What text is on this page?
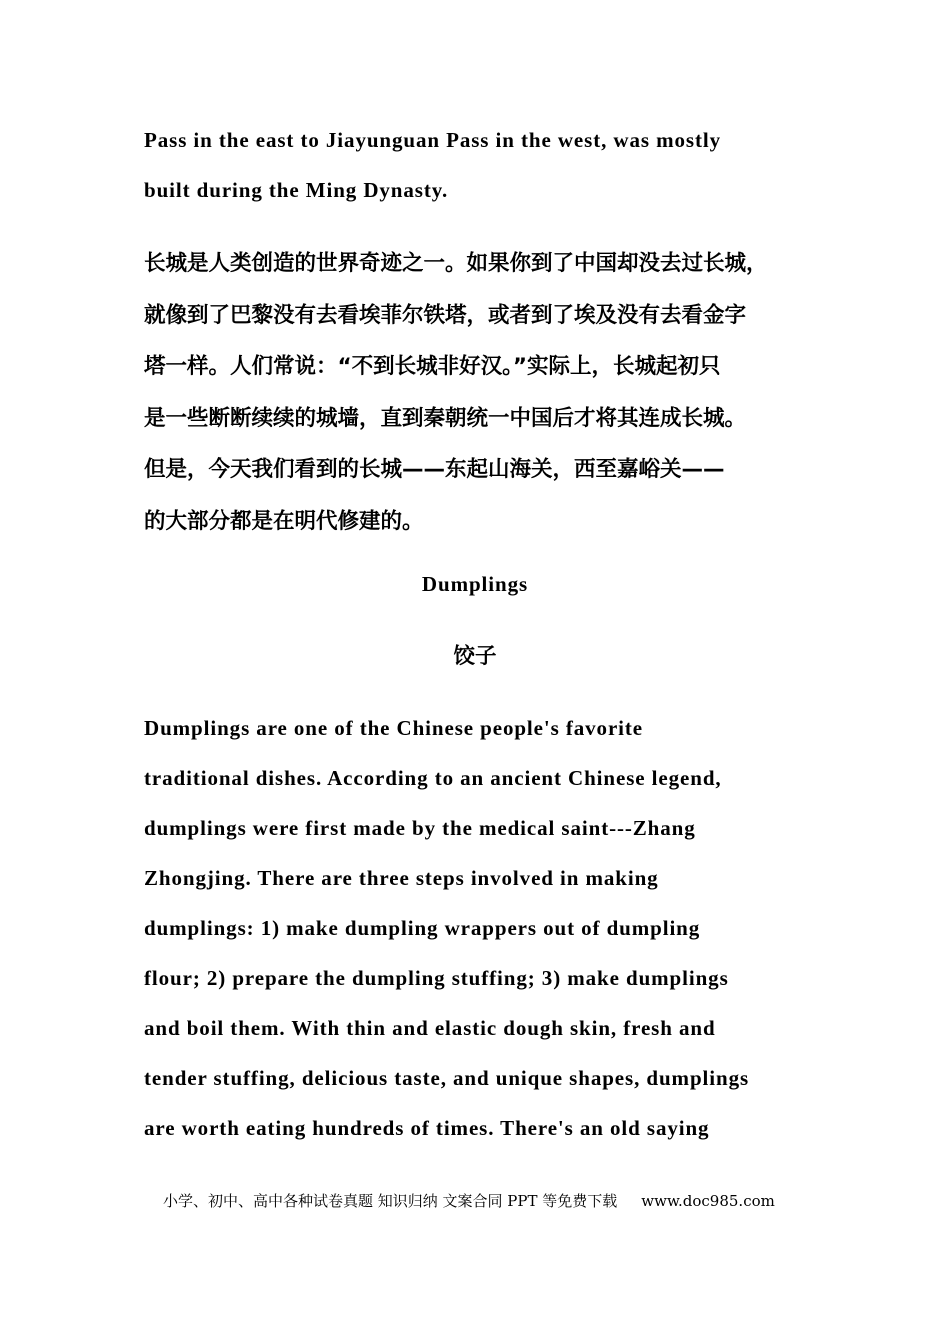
Pass in the east to Jiayunguan Pass in the west, was mostly
built during the Ming Dynasty.

长城是人类创造的世界奇迹之一。如果你到了中国却没去过长城，
就像到了巴黎没有去看埃菲尔铁塔，或者到了埃及没有去看金字
塔一样。人们常说：“不到长城非好汉。”实际上，长城起初只
是一些断断续续的城墙，直到秦朝统一中国后才将其连成长城。
但是，今天我们看到的长城——东起山海关，西至嘉峪关——
的大部分都是在明代修建的。

Dumplings
饺子

Dumplings are one of the Chinese people's favorite
traditional dishes. According to an ancient Chinese legend,
dumplings were first made by the medical saint---Zhang
Zhongjing. There are three steps involved in making
dumplings: 1) make dumpling wrappers out of dumpling
flour; 2) prepare the dumpling stuffing; 3) make dumplings
and boil them. With thin and elastic dough skin, fresh and
tender stuffing, delicious taste, and unique shapes, dumplings
are worth eating hundreds of times. There's an old saying

小学、初中、高中各种试卷真题 知识归纳 文案合同 PPT 等免费下载 www.doc985.com
